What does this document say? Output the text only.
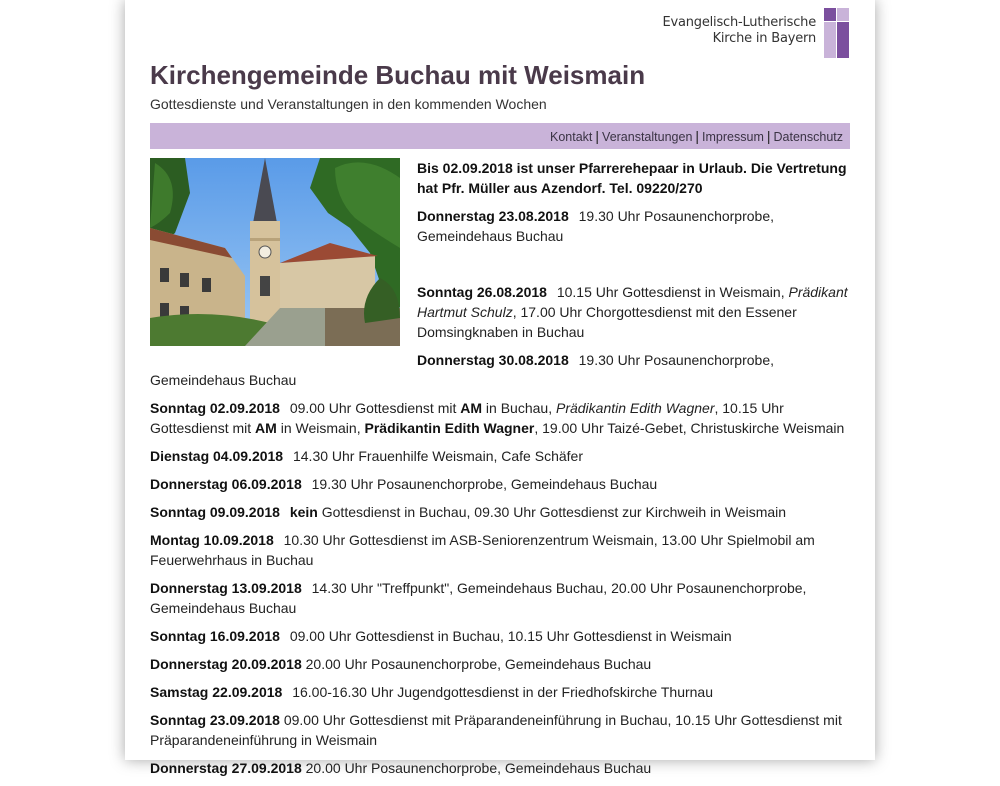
Evangelisch-Lutherische
Kirche in Bayern
Kirchengemeinde Buchau mit Weismain
Gottesdienste und Veranstaltungen in den kommenden Wochen
Kontakt | Veranstaltungen | Impressum | Datenschutz

Bis 02.09.2018 ist unser Pfarrerehepaar in Urlaub. Die Vertretung hat Pfr. Müller aus Azendorf. Tel. 09220/270

Donnerstag 23.08.2018 19.30 Uhr Posaunenchorprobe, Gemeindehaus Buchau

Sonntag 26.08.2018 10.15 Uhr Gottesdienst in Weismain, Prädikant Hartmut Schulz, 17.00 Uhr Chorgottesdienst mit den Essener Domsingknaben in Buchau

Donnerstag 30.08.2018 19.30 Uhr Posaunenchorprobe, Gemeindehaus Buchau

Sonntag 02.09.2018 09.00 Uhr Gottesdienst mit AM in Buchau, Prädikantin Edith Wagner, 10.15 Uhr Gottesdienst mit AM in Weismain, Prädikantin Edith Wagner, 19.00 Uhr Taizé-Gebet, Christuskirche Weismain

Dienstag 04.09.2018 14.30 Uhr Frauenhilfe Weismain, Cafe Schäfer

Donnerstag 06.09.2018 19.30 Uhr Posaunenchorprobe, Gemeindehaus Buchau

Sonntag 09.09.2018 kein Gottesdienst in Buchau, 09.30 Uhr Gottesdienst zur Kirchweih in Weismain

Montag 10.09.2018 10.30 Uhr Gottesdienst im ASB-Seniorenzentrum Weismain, 13.00 Uhr Spielmobil am Feuerwehrhaus in Buchau

Donnerstag 13.09.2018 14.30 Uhr "Treffpunkt", Gemeindehaus Buchau, 20.00 Uhr Posaunenchorprobe, Gemeindehaus Buchau

Sonntag 16.09.2018 09.00 Uhr Gottesdienst in Buchau, 10.15 Uhr Gottesdienst in Weismain

Donnerstag 20.09.2018 20.00 Uhr Posaunenchorprobe, Gemeindehaus Buchau

Samstag 22.09.2018 16.00-16.30 Uhr Jugendgottesdienst in der Friedhofskirche Thurnau

Sonntag 23.09.2018 09.00 Uhr Gottesdienst mit Präparandeneinführung in Buchau, 10.15 Uhr Gottesdienst mit Präparandeneinführung in Weismain

Donnerstag 27.09.2018 20.00 Uhr Posaunenchorprobe, Gemeindehaus Buchau
